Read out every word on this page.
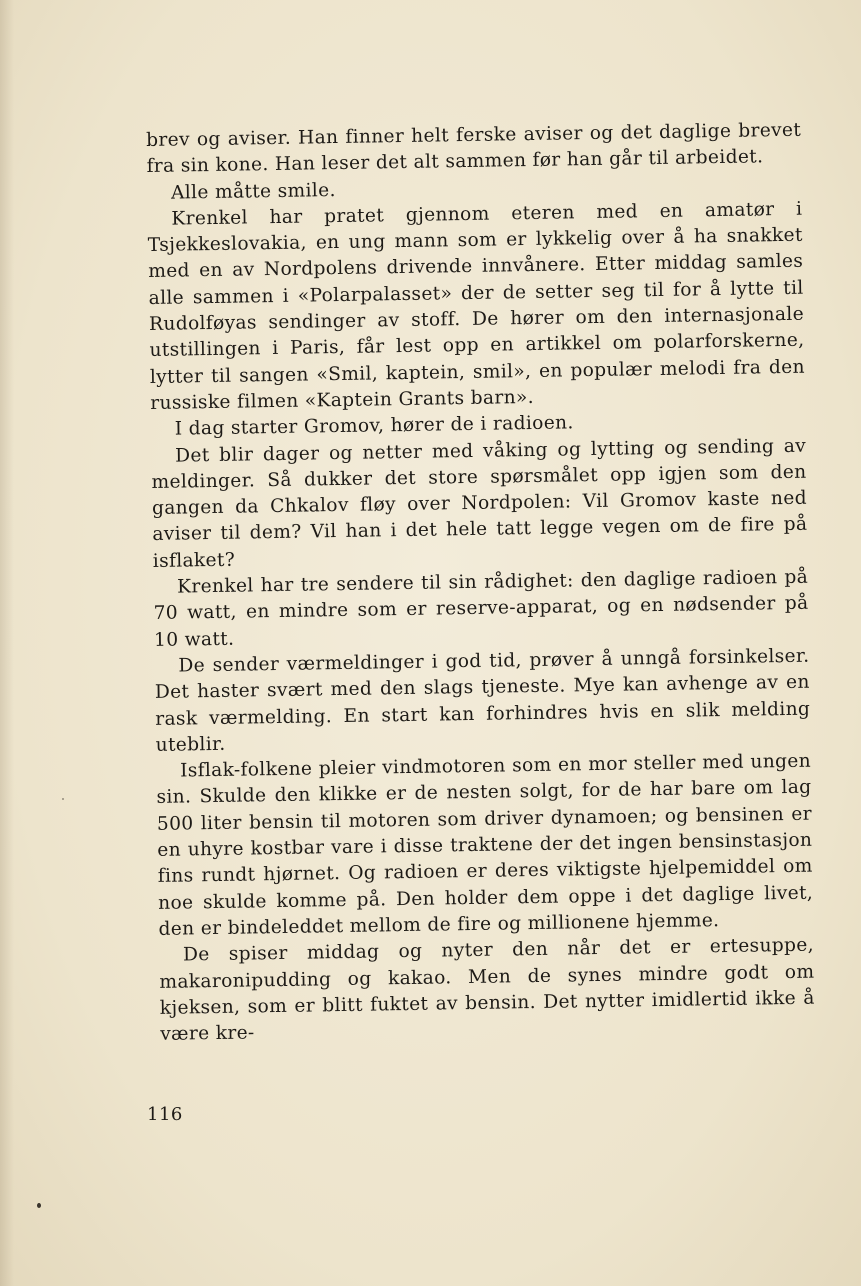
brev og aviser. Han finner helt ferske aviser og det daglige brevet fra sin kone. Han leser det alt sammen før han går til arbeidet.

Alle måtte smile.

Krenkel har pratet gjennom eteren med en amatør i Tsjekkeslovakia, en ung mann som er lykkelig over å ha snakket med en av Nordpolens drivende innvånere. Etter middag samles alle sammen i «Polarpalasset» der de setter seg til for å lytte til Rudolføyas sendinger av stoff. De hører om den internasjonale utstillingen i Paris, får lest opp en artikkel om polarforskerne, lytter til sangen «Smil, kaptein, smil», en populær melodi fra den russiske filmen «Kaptein Grants barn».

I dag starter Gromov, hører de i radioen.

Det blir dager og netter med våking og lytting og sending av meldinger. Så dukker det store spørsmålet opp igjen som den gangen da Chkalov fløy over Nordpolen: Vil Gromov kaste ned aviser til dem? Vil han i det hele tatt legge vegen om de fire på isflaket?

Krenkel har tre sendere til sin rådighet: den daglige radioen på 70 watt, en mindre som er reserve-apparat, og en nødsender på 10 watt.

De sender værmeldinger i god tid, prøver å unngå forsinkelser. Det haster svært med den slags tjeneste. Mye kan avhenge av en rask værmelding. En start kan forhindres hvis en slik melding uteblir.

Isflak-folkene pleier vindmotoren som en mor steller med ungen sin. Skulde den klikke er de nesten solgt, for de har bare om lag 500 liter bensin til motoren som driver dynamoen; og bensinen er en uhyre kostbar vare i disse traktene der det ingen bensinstasjon fins rundt hjørnet. Og radioen er deres viktigste hjelpemiddel om noe skulde komme på. Den holder dem oppe i det daglige livet, den er bindeleddet mellom de fire og millionene hjemme.

De spiser middag og nyter den når det er ertesuppe, makaronipudding og kakao. Men de synes mindre godt om kjeksen, som er blitt fuktet av bensin. Det nytter imidlertid ikke å være kre-

116
